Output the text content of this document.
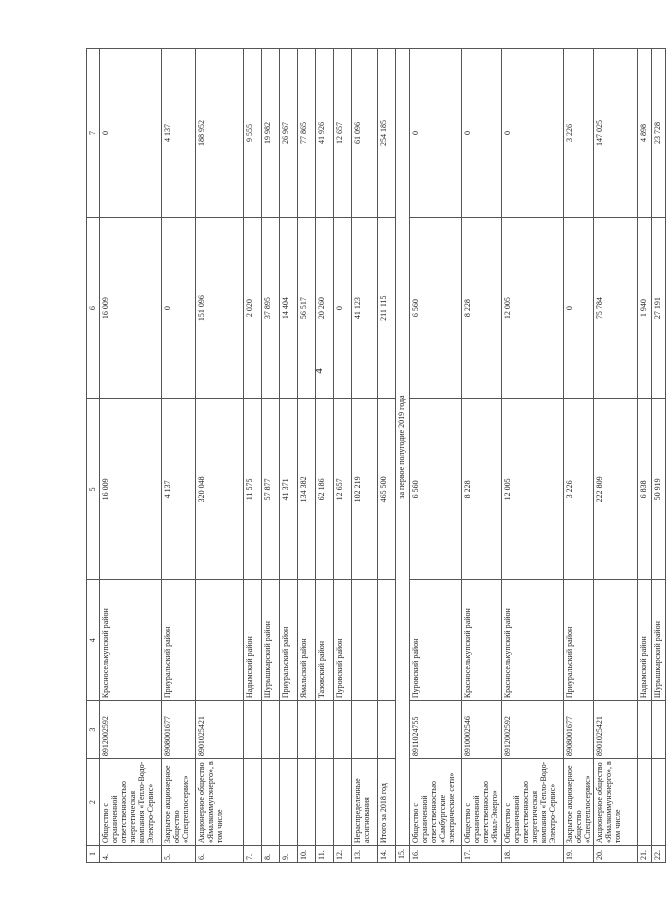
4
1	2	3	4	5	6	7
4.	Общество с ограниченной ответственностью энергетическая компания «Тепло-Водо-Электро-Сервис»	8912002592	Красноселькупский район	16 009	16 009	0
5.	Закрытое акционерное общество «Спецтеплосервис»	8908001677	Приуральский район	4 137	0	4 137
6.	Акционерное общество «Ямалкоммунэнерго», в том числе	8901025421		320 048	151 096	188 952
7.			Надымский район	11 575	2 020	9 555
8.			Шурышкарский район	57 877	37 895	19 982
9.			Приуральский район	41 371	14 404	26 967
10.			Ямальский район	134 382	56 517	77 865
11.			Тазовский район	62 186	20 260	41 926
12.			Пуровский район	12 657	0	12 657
13.	Нераспределенные ассигнования			102 219	41 123	61 096
14.	Итого за 2018 год			465 500	211 115	254 185
15.	за первое полугодие 2019 года					
16.	Общество с ограниченной ответственностью «Самбургские электрические сети»	8911024755	Пуровский район	6 560	6 560	0
17.	Общество с ограниченной ответственностью «Ямал-Энерго»	8910002546	Красноселькупский район	8 228	8 228	0
18.	Общество с ограниченной ответственностью энергетическая компания «Тепло-Водо-Электро-Сервис»	8912002592	Красноселькупский район	12 005	12 005	0
19.	Закрытое акционерное общество «Спецтеплосервис»	8908001677	Приуральский район	3 226	0	3 226
20.	Акционерное общество «Ямалкоммунэнерго», в том числе	8901025421		222 809	75 784	147 025
21.			Надымский район	6 838	1 940	4 898
22.			Шурышкарский район	50 919	27 191	23 728
